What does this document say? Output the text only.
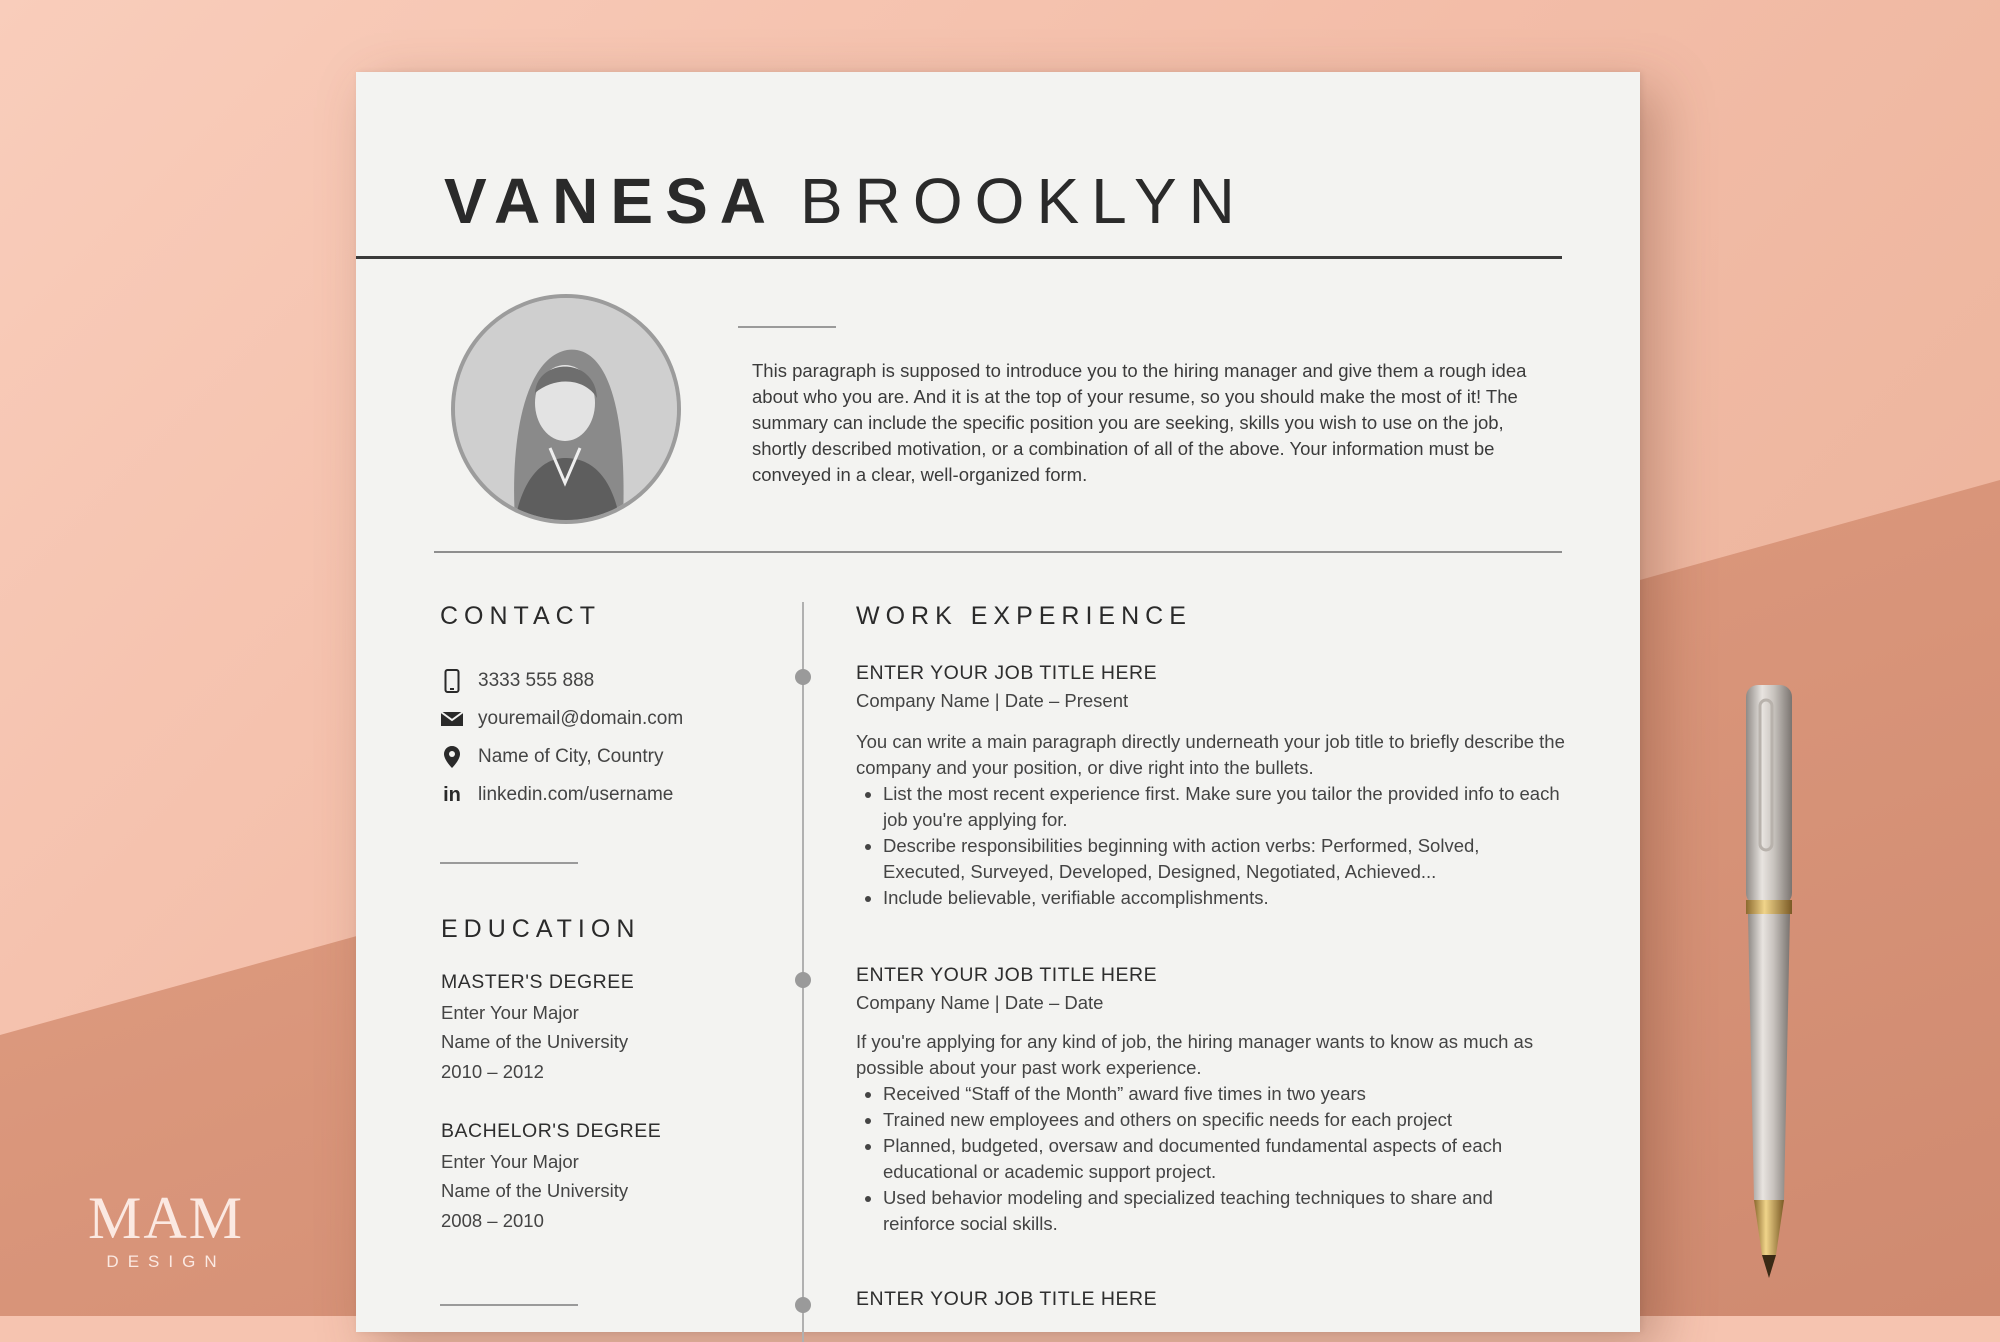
VANESA BROOKLYN

This paragraph is supposed to introduce you to the hiring manager and give them a rough idea about who you are. And it is at the top of your resume, so you should make the most of it! The summary can include the specific position you are seeking, skills you wish to use on the job, shortly described motivation, or a combination of all of the above. Your information must be conveyed in a clear, well-organized form.

CONTACT
3333 555 888
youremail@domain.com
Name of City, Country
in linkedin.com/username
EDUCATION
MASTER'S DEGREE
Enter Your Major
Name of the University
2010 – 2012
BACHELOR'S DEGREE
Enter Your Major
Name of the University
2008 – 2010
WORK EXPERIENCE
ENTER YOUR JOB TITLE HERE
Company Name | Date – Present

You can write a main paragraph directly underneath your job title to briefly describe the company and your position, or dive right into the bullets.

• List the most recent experience first. Make sure you tailor the provided info to each job you're applying for.
• Describe responsibilities beginning with action verbs: Performed, Solved, Executed, Surveyed, Developed, Designed, Negotiated, Achieved...
• Include believable, verifiable accomplishments.
ENTER YOUR JOB TITLE HERE
Company Name | Date – Date

If you're applying for any kind of job, the hiring manager wants to know as much as possible about your past work experience.

• Received “Staff of the Month” award five times in two years
• Trained new employees and others on specific needs for each project
• Planned, budgeted, oversaw and documented fundamental aspects of each educational or academic support project.
• Used behavior modeling and specialized teaching techniques to share and reinforce social skills.
ENTER YOUR JOB TITLE HERE
MAM
DESIGN
